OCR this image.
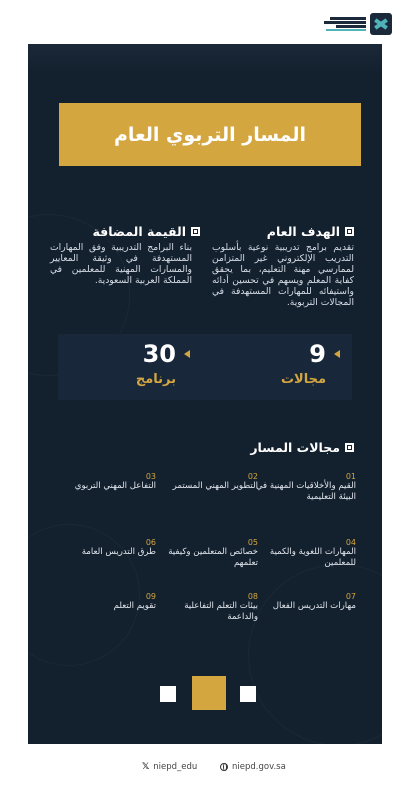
المسار التربوي العام
الهدف العام
تقديم برامج تدريبية نوعية بأسلوب التدريب الإلكتروني غير المتزامن لممارسي مهنة التعليم، بما يحقق كفاية المعلم ويسهم في تحسين أدائه واستيفائه للمهارات المستهدفة في المجالات التربوية.
القيمة المضافة
بناء البرامج التدريبية وفق المهارات المستهدفة في وثيقة المعايير والمسارات المهنية للمعلمين في المملكة العربية السعودية.
9
مجالات
30
برنامج
مجالات المسار
01
القيم والأخلاقيات المهنية في البيئة التعليمية
02
التطوير المهني المستمر
03
التفاعل المهني التربوي
04
المهارات اللغوية والكمية للمعلمين
05
خصائص المتعلمين وكيفية تعلمهم
06
طرق التدريس العامة
07
مهارات التدريس الفعال
08
بيئات التعلم التفاعلية والداعمة
09
تقويم التعلم
𝕏 niepd_edu	niepd.gov.sa
